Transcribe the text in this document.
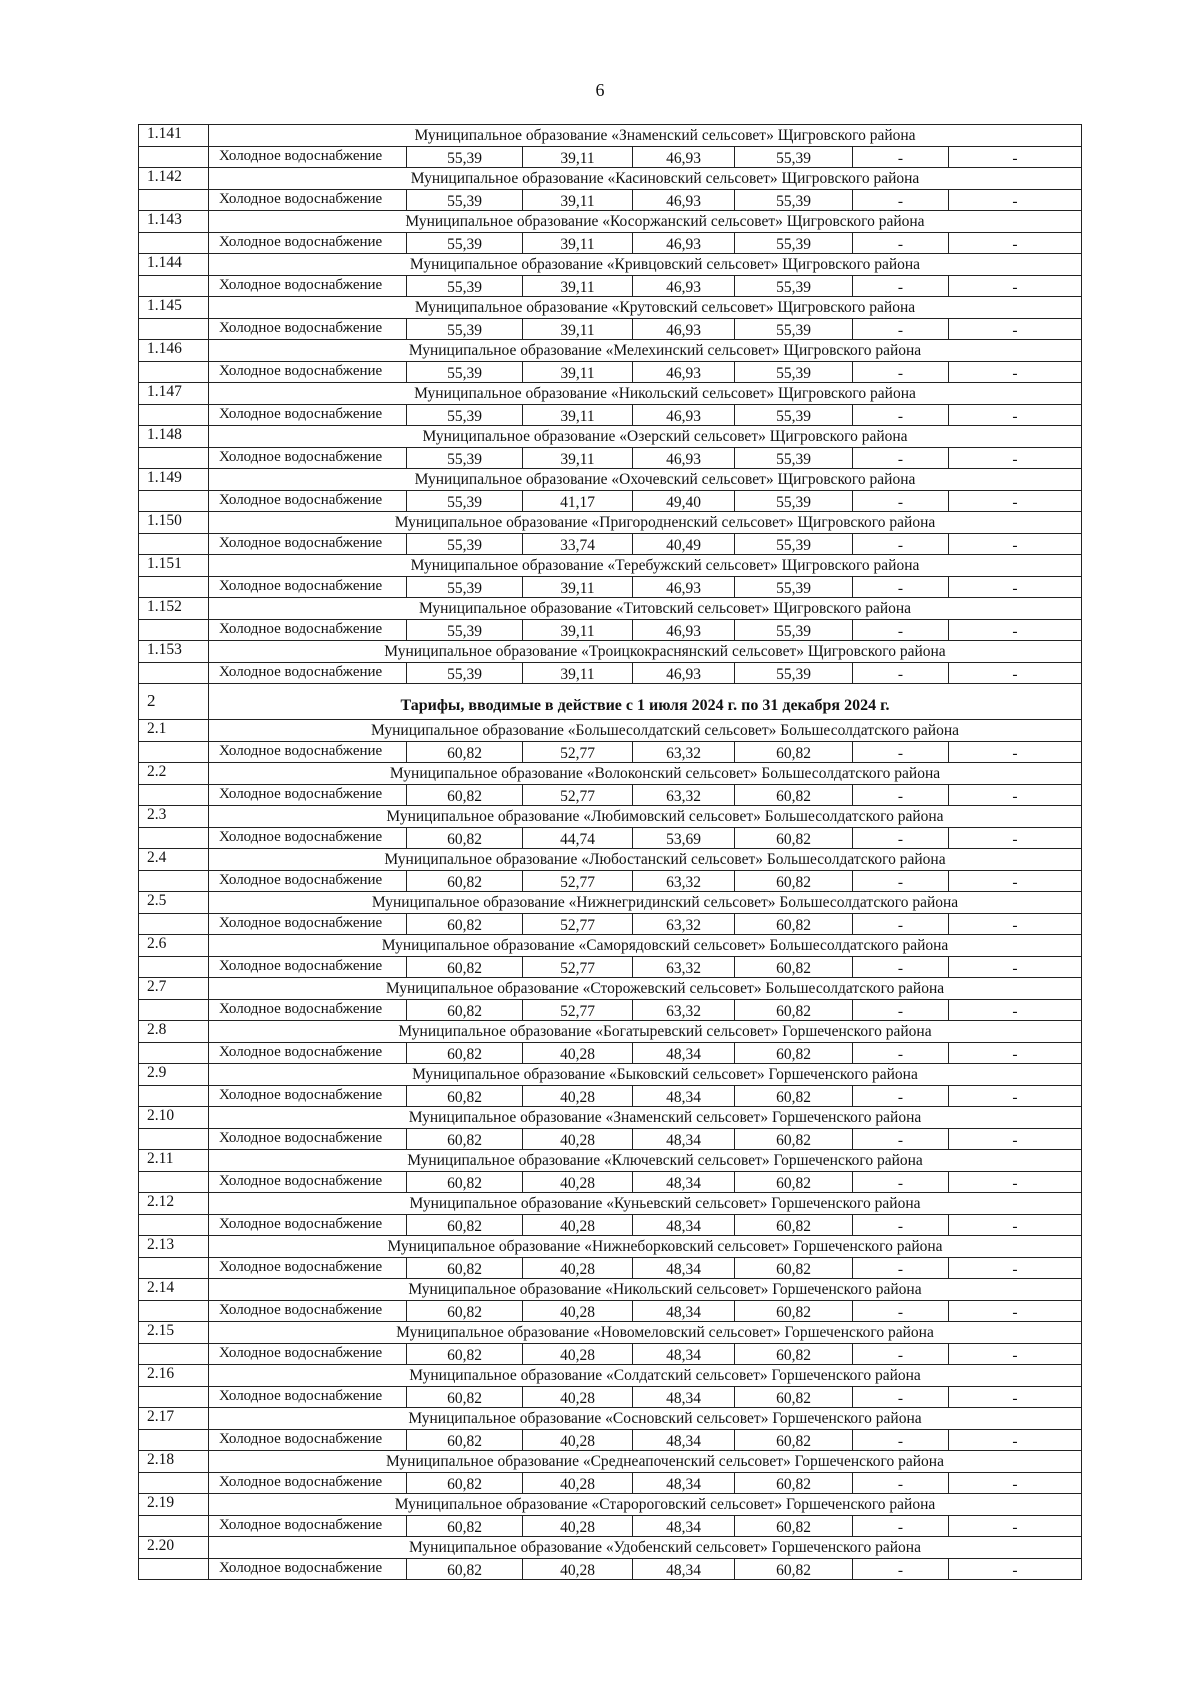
6
1.141	Муниципальное образование «Знаменский сельсовет» Щигровского района
Холодное водоснабжение	55,39	39,11	46,93	55,39	-	-
1.142	Муниципальное образование «Касиновский сельсовет» Щигровского района
Холодное водоснабжение	55,39	39,11	46,93	55,39	-	-
1.143	Муниципальное образование «Косоржанский сельсовет» Щигровского района
Холодное водоснабжение	55,39	39,11	46,93	55,39	-	-
1.144	Муниципальное образование «Кривцовский сельсовет» Щигровского района
Холодное водоснабжение	55,39	39,11	46,93	55,39	-	-
1.145	Муниципальное образование «Крутовский сельсовет» Щигровского района
Холодное водоснабжение	55,39	39,11	46,93	55,39	-	-
1.146	Муниципальное образование «Мелехинский сельсовет» Щигровского района
Холодное водоснабжение	55,39	39,11	46,93	55,39	-	-
1.147	Муниципальное образование «Никольский сельсовет» Щигровского района
Холодное водоснабжение	55,39	39,11	46,93	55,39	-	-
1.148	Муниципальное образование «Озерский сельсовет» Щигровского района
Холодное водоснабжение	55,39	39,11	46,93	55,39	-	-
1.149	Муниципальное образование «Охочевский сельсовет» Щигровского района
Холодное водоснабжение	55,39	41,17	49,40	55,39	-	-
1.150	Муниципальное образование «Пригородненский сельсовет» Щигровского района
Холодное водоснабжение	55,39	33,74	40,49	55,39	-	-
1.151	Муниципальное образование «Теребужский сельсовет» Щигровского района
Холодное водоснабжение	55,39	39,11	46,93	55,39	-	-
1.152	Муниципальное образование «Титовский сельсовет» Щигровского района
Холодное водоснабжение	55,39	39,11	46,93	55,39	-	-
1.153	Муниципальное образование «Троицкокраснянский сельсовет» Щигровского района
Холодное водоснабжение	55,39	39,11	46,93	55,39	-	-
2	Тарифы, вводимые в действие с 1 июля 2024 г. по 31 декабря 2024 г.
2.1	Муниципальное образование «Большесолдатский сельсовет» Большесолдатского района
Холодное водоснабжение	60,82	52,77	63,32	60,82	-	-
2.2	Муниципальное образование «Волоконский сельсовет» Большесолдатского района
Холодное водоснабжение	60,82	52,77	63,32	60,82	-	-
2.3	Муниципальное образование «Любимовский сельсовет» Большесолдатского района
Холодное водоснабжение	60,82	44,74	53,69	60,82	-	-
2.4	Муниципальное образование «Любостанский сельсовет» Большесолдатского района
Холодное водоснабжение	60,82	52,77	63,32	60,82	-	-
2.5	Муниципальное образование «Нижнегридинский сельсовет» Большесолдатского района
Холодное водоснабжение	60,82	52,77	63,32	60,82	-	-
2.6	Муниципальное образование «Саморядовский сельсовет» Большесолдатского района
Холодное водоснабжение	60,82	52,77	63,32	60,82	-	-
2.7	Муниципальное образование «Сторожевский сельсовет» Большесолдатского района
Холодное водоснабжение	60,82	52,77	63,32	60,82	-	-
2.8	Муниципальное образование «Богатыревский сельсовет» Горшеченского района
Холодное водоснабжение	60,82	40,28	48,34	60,82	-	-
2.9	Муниципальное образование «Быковский сельсовет» Горшеченского района
Холодное водоснабжение	60,82	40,28	48,34	60,82	-	-
2.10	Муниципальное образование «Знаменский сельсовет» Горшеченского района
Холодное водоснабжение	60,82	40,28	48,34	60,82	-	-
2.11	Муниципальное образование «Ключевский сельсовет» Горшеченского района
Холодное водоснабжение	60,82	40,28	48,34	60,82	-	-
2.12	Муниципальное образование «Куньевский сельсовет» Горшеченского района
Холодное водоснабжение	60,82	40,28	48,34	60,82	-	-
2.13	Муниципальное образование «Нижнеборковский сельсовет» Горшеченского района
Холодное водоснабжение	60,82	40,28	48,34	60,82	-	-
2.14	Муниципальное образование «Никольский сельсовет» Горшеченского района
Холодное водоснабжение	60,82	40,28	48,34	60,82	-	-
2.15	Муниципальное образование «Новомеловский сельсовет» Горшеченского района
Холодное водоснабжение	60,82	40,28	48,34	60,82	-	-
2.16	Муниципальное образование «Солдатский сельсовет» Горшеченского района
Холодное водоснабжение	60,82	40,28	48,34	60,82	-	-
2.17	Муниципальное образование «Сосновский сельсовет» Горшеченского района
Холодное водоснабжение	60,82	40,28	48,34	60,82	-	-
2.18	Муниципальное образование «Среднеапоченский сельсовет» Горшеченского района
Холодное водоснабжение	60,82	40,28	48,34	60,82	-	-
2.19	Муниципальное образование «Старороговский сельсовет» Горшеченского района
Холодное водоснабжение	60,82	40,28	48,34	60,82	-	-
2.20	Муниципальное образование «Удобенский сельсовет» Горшеченского района
Холодное водоснабжение	60,82	40,28	48,34	60,82	-	-
